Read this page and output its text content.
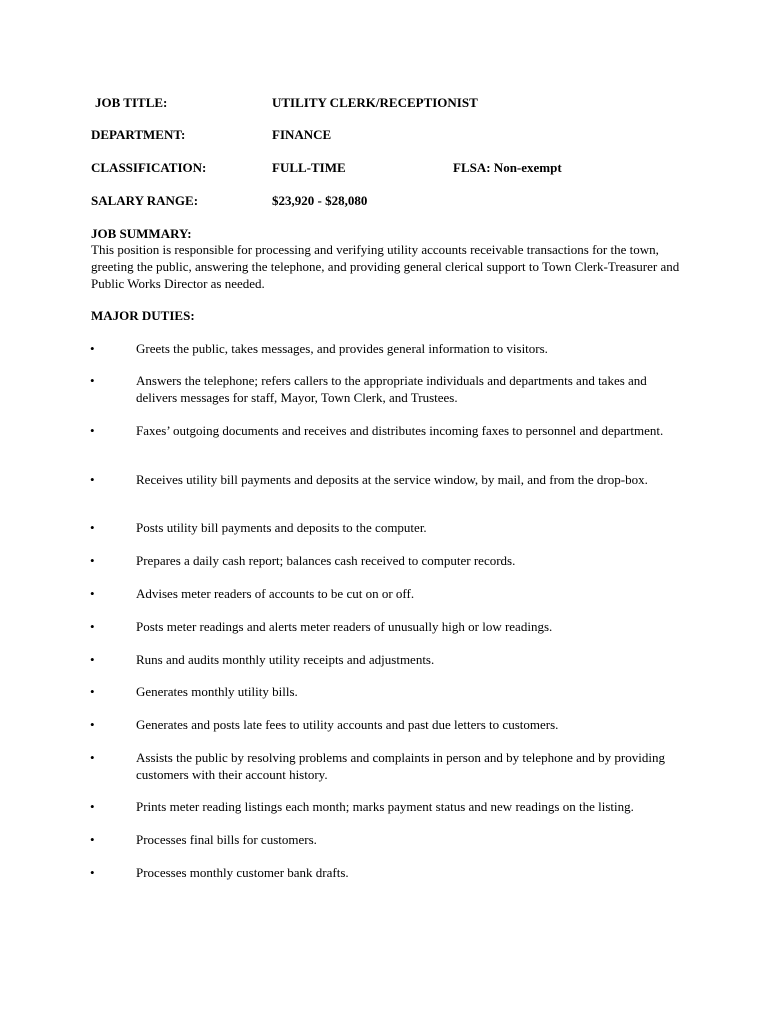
JOB TITLE:	UTILITY CLERK/RECEPTIONIST
DEPARTMENT:	FINANCE
CLASSIFICATION:	FULL-TIME	FLSA: Non-exempt
SALARY RANGE:	$23,920 - $28,080
JOB SUMMARY:
This position is responsible for processing and verifying utility accounts receivable transactions for the town, greeting the public, answering the telephone, and providing general clerical support to Town Clerk-Treasurer and Public Works Director as needed.
MAJOR DUTIES:
•	Greets the public, takes messages, and provides general information to visitors.
•	Answers the telephone; refers callers to the appropriate individuals and departments and takes and delivers messages for staff, Mayor, Town Clerk, and Trustees.
•	Faxes’ outgoing documents and receives and distributes incoming faxes to personnel and department.
•	Receives utility bill payments and deposits at the service window, by mail, and from the drop-box.
•	Posts utility bill payments and deposits to the computer.
•	Prepares a daily cash report; balances cash received to computer records.
•	Advises meter readers of accounts to be cut on or off.
•	Posts meter readings and alerts meter readers of unusually high or low readings.
•	Runs and audits monthly utility receipts and adjustments.
•	Generates monthly utility bills.
•	Generates and posts late fees to utility accounts and past due letters to customers.
•	Assists the public by resolving problems and complaints in person and by telephone and by providing customers with their account history.
•	Prints meter reading listings each month; marks payment status and new readings on the listing.
•	Processes final bills for customers.
•	Processes monthly customer bank drafts.
